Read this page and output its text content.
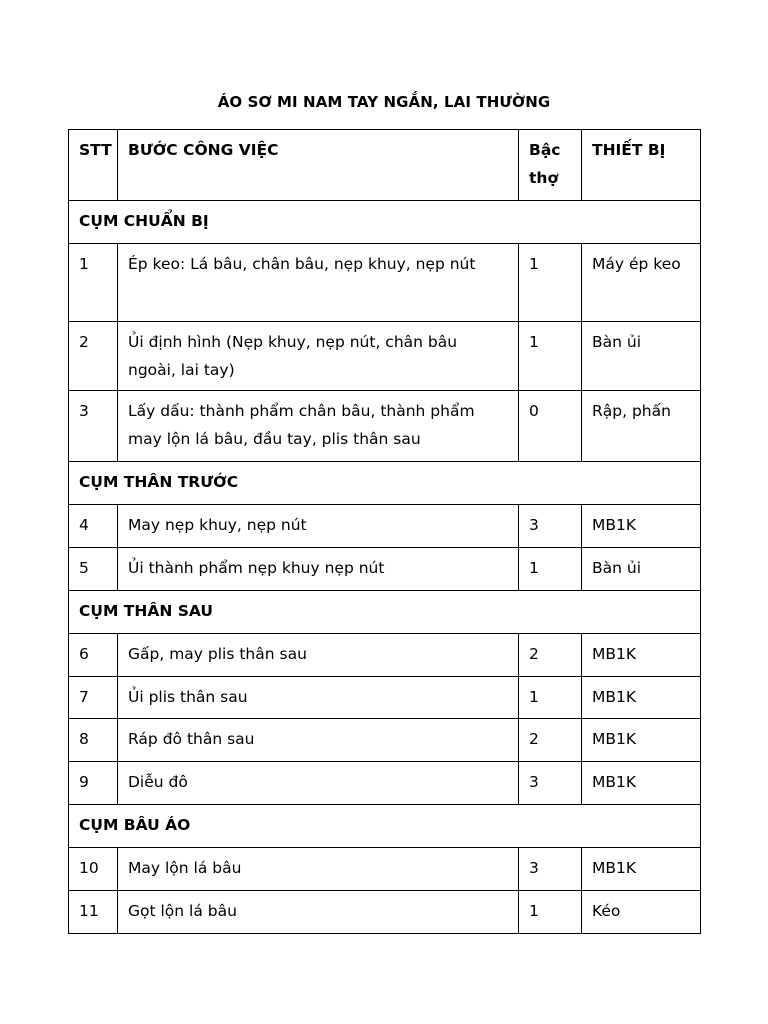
ÁO SƠ MI NAM TAY NGẮN, LAI THƯỜNG
STT	BƯỚC CÔNG VIỆC	Bậc thợ	THIẾT BỊ
CỤM CHUẨN BỊ			
1	Ép keo: Lá bâu, chân bâu, nẹp khuy, nẹp nút	1	Máy ép keo
2	Ủi định hình (Nẹp khuy, nẹp nút, chân bâu ngoài, lai tay)	1	Bàn ủi
3	Lấy dấu: thành phẩm chân bâu, thành phẩm may lộn lá bâu, đầu tay, plis thân sau	0	Rập, phấn
CỤM THÂN TRƯỚC			
4	May nẹp khuy, nẹp nút	3	MB1K
5	Ủi thành phẩm nẹp khuy nẹp nút	1	Bàn ủi
CỤM THÂN SAU			
6	Gấp, may plis thân sau	2	MB1K
7	Ủi plis thân sau	1	MB1K
8	Ráp đô thân sau	2	MB1K
9	Diễu đô	3	MB1K
CỤM BÂU ÁO			
10	May lộn lá bâu	3	MB1K
11	Gọt lộn lá bâu	1	Kéo
